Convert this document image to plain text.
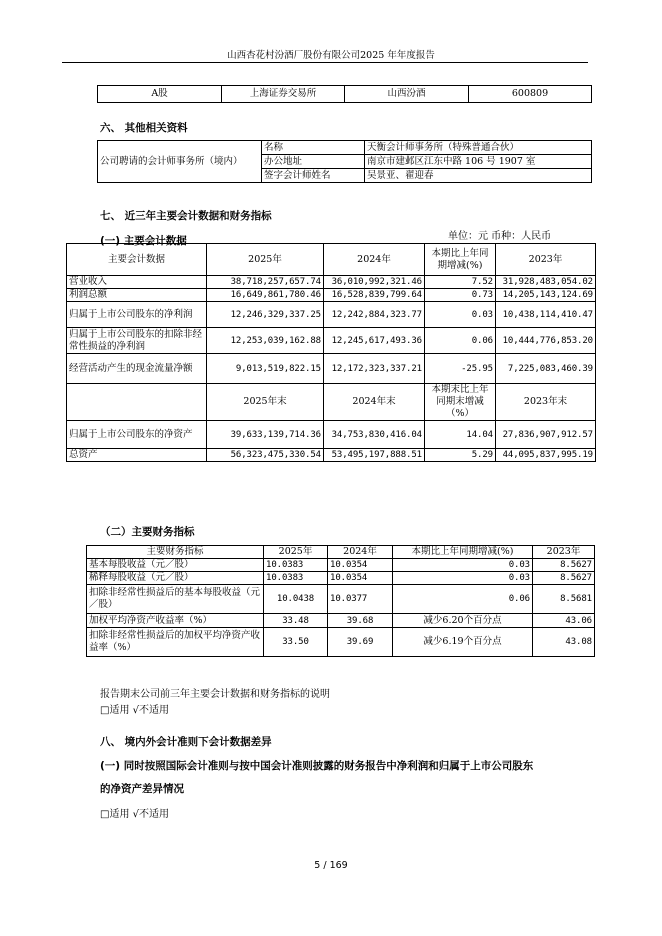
山西杏花村汾酒厂股份有限公司2025 年年度报告
A股	上海证券交易所	山西汾酒	600809
六、 其他相关资料
公司聘请的会计师事务所（境内）	名称	天衡会计师事务所（特殊普通合伙）
	办公地址	南京市建邺区江东中路 106 号 1907 室
	签字会计师姓名	吴景亚、翟迎春
七、 近三年主要会计数据和财务指标
(一) 主要会计数据	单位：元 币种：人民币
主要会计数据	2025年	2024年	本期比上年同期增减(%)	2023年
营业收入	38,718,257,657.74	36,010,992,321.46	7.52	31,928,483,054.02
利润总额	16,649,861,780.46	16,528,839,799.64	0.73	14,205,143,124.69
归属于上市公司股东的净利润	12,246,329,337.25	12,242,884,323.77	0.03	10,438,114,410.47
归属于上市公司股东的扣除非经常性损益的净利润	12,253,039,162.88	12,245,617,493.36	0.06	10,444,776,853.20
经营活动产生的现金流量净额	9,013,519,822.15	12,172,323,337.21	-25.95	7,225,083,460.39
	2025年末	2024年末	本期末比上年同期末增减（%）	2023年末
归属于上市公司股东的净资产	39,633,139,714.36	34,753,830,416.04	14.04	27,836,907,912.57
总资产	56,323,475,330.54	53,495,197,888.51	5.29	44,095,837,995.19
（二）主要财务指标
主要财务指标	2025年	2024年	本期比上年同期增减(%)	2023年
基本每股收益（元／股）	10.0383	10.0354	0.03	8.5627
稀释每股收益（元／股）	10.0383	10.0354	0.03	8.5627
扣除非经常性损益后的基本每股收益（元／股）	10.0438	10.0377	0.06	8.5681
加权平均净资产收益率（%）	33.48	39.68	减少6.20个百分点	43.06
扣除非经常性损益后的加权平均净资产收益率（%）	33.50	39.69	减少6.19个百分点	43.08
报告期末公司前三年主要会计数据和财务指标的说明
□适用 √不适用
八、 境内外会计准则下会计数据差异
(一) 同时按照国际会计准则与按中国会计准则披露的财务报告中净利润和归属于上市公司股东
的净资产差异情况
□适用 √不适用
5 / 169
